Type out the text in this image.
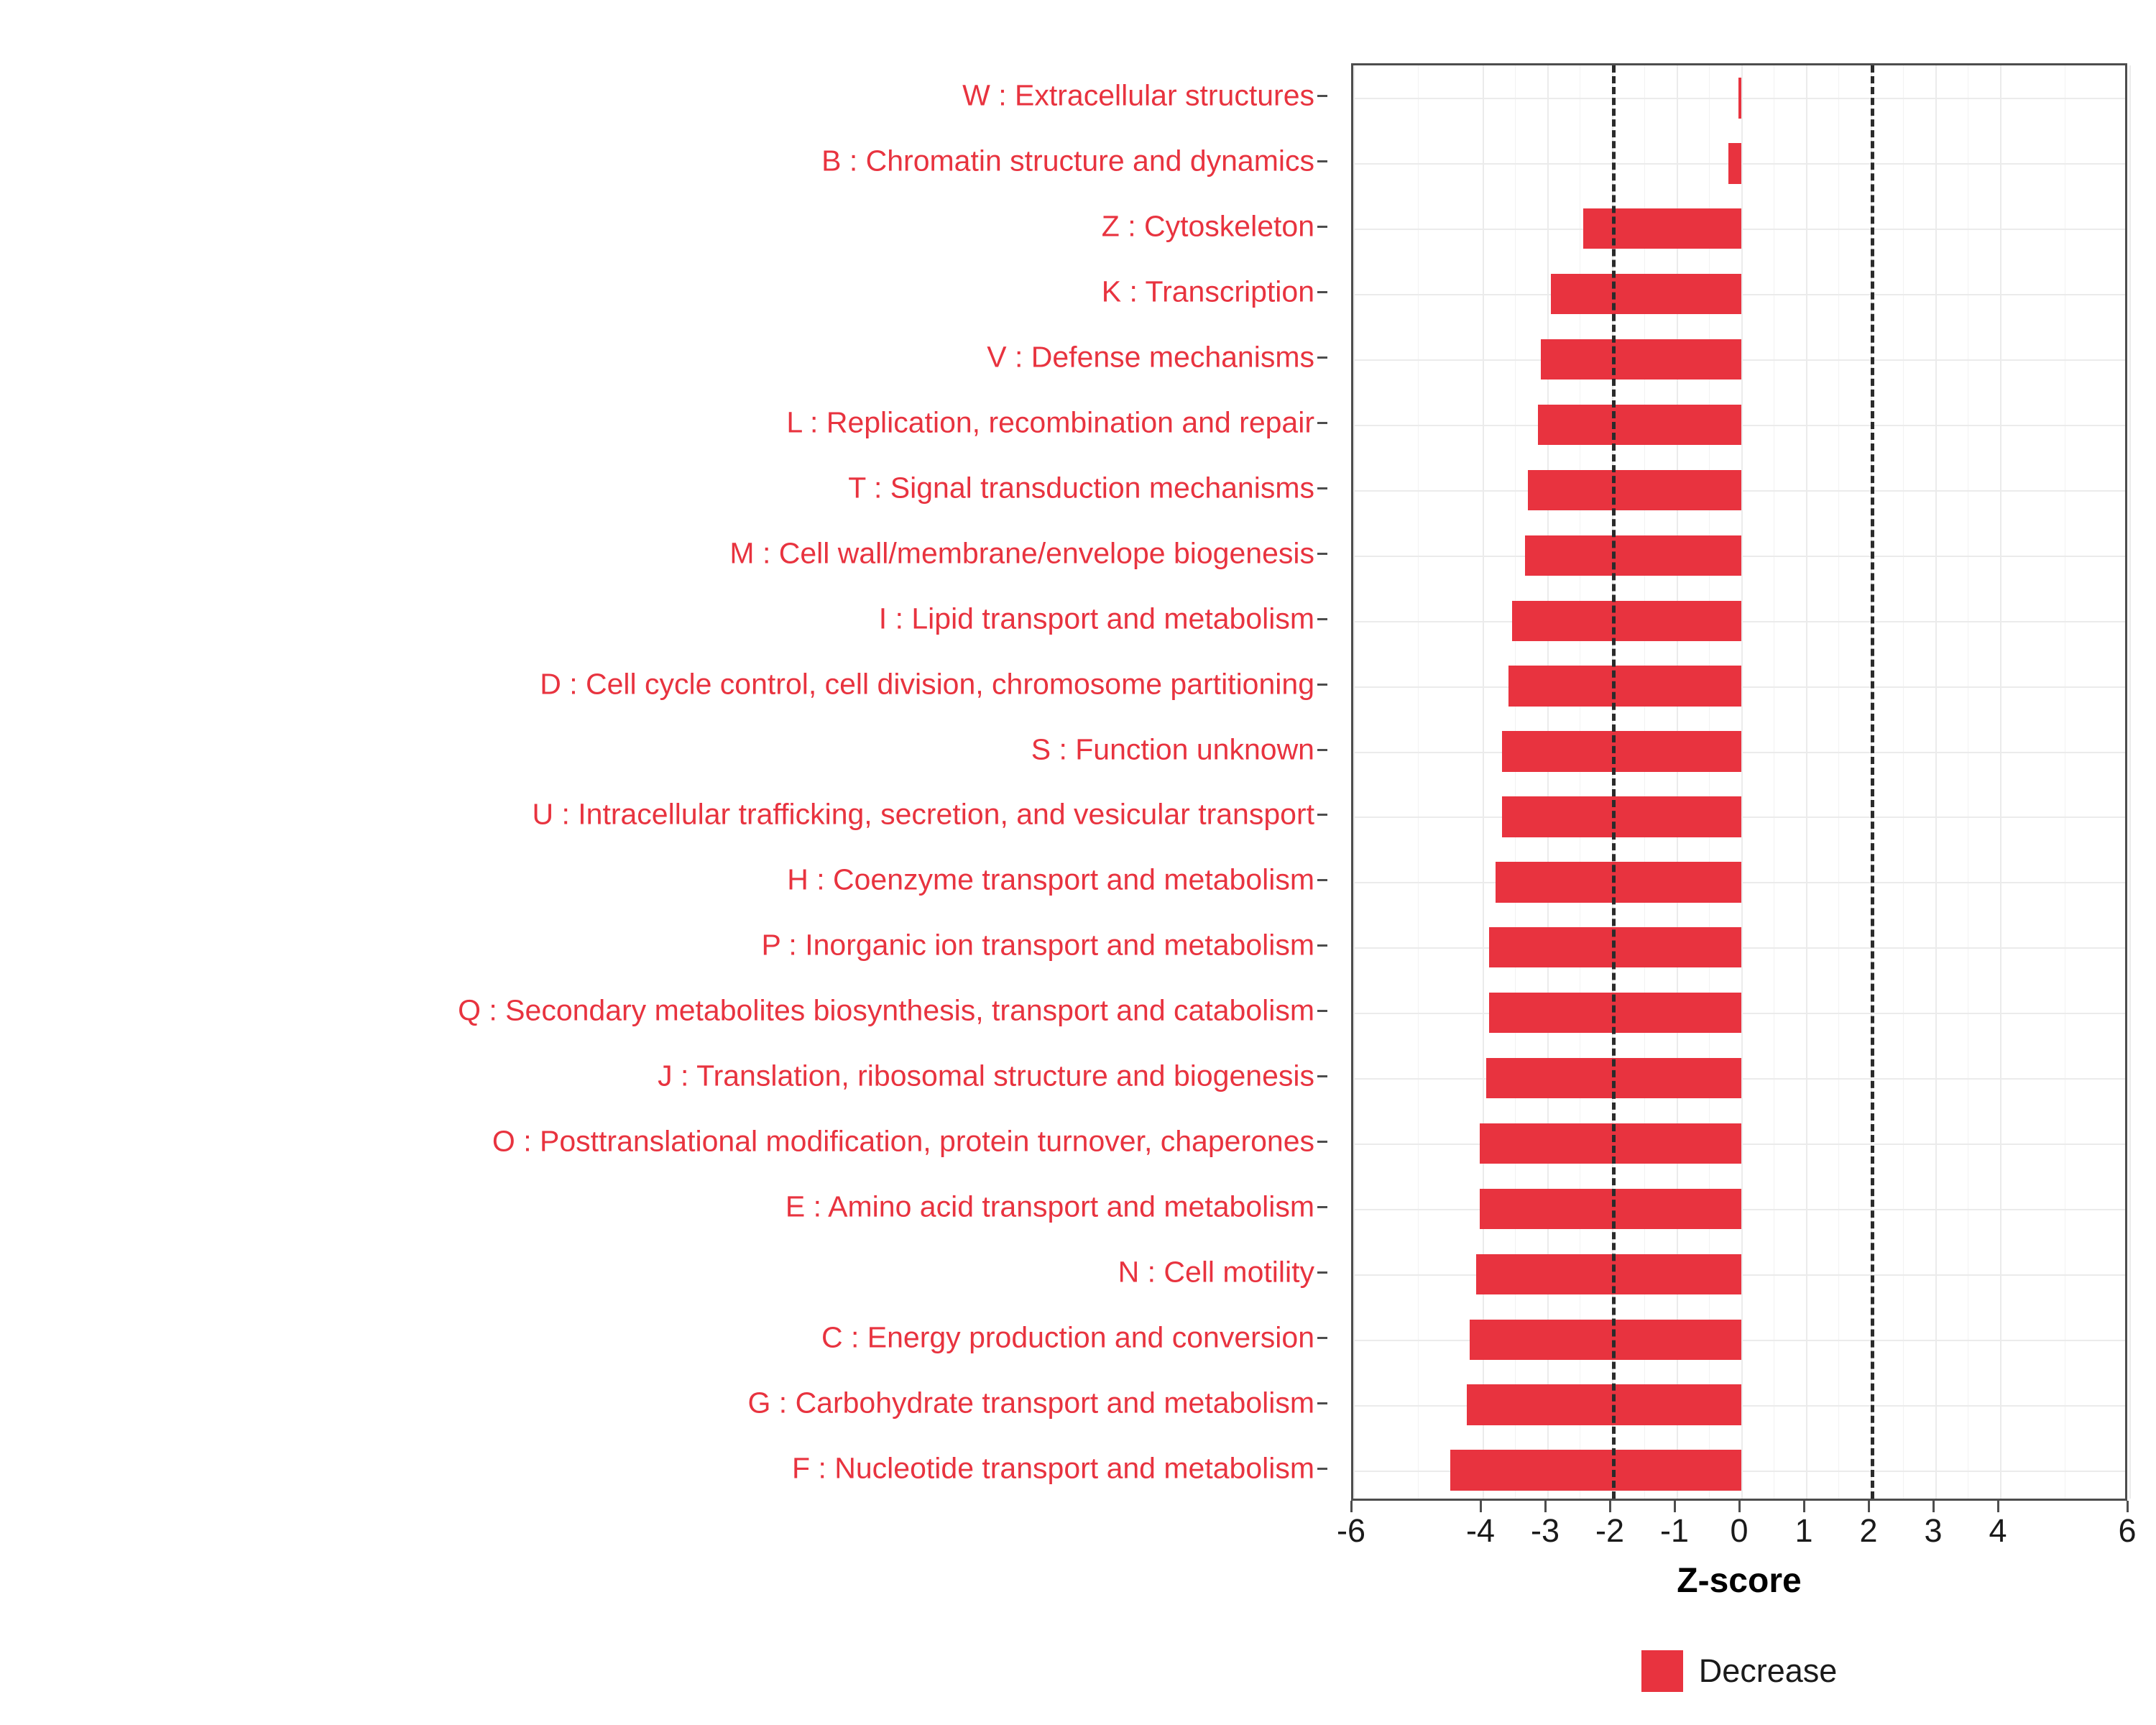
W : Extracellular structures
B : Chromatin structure and dynamics
Z : Cytoskeleton
K : Transcription
V : Defense mechanisms
L : Replication, recombination and repair
T : Signal transduction mechanisms
M : Cell wall/membrane/envelope biogenesis
I : Lipid transport and metabolism
D : Cell cycle control, cell division, chromosome partitioning
S : Function unknown
U : Intracellular trafficking, secretion, and vesicular transport
H : Coenzyme transport and metabolism
P : Inorganic ion transport and metabolism
Q : Secondary metabolites biosynthesis, transport and catabolism
J : Translation, ribosomal structure and biogenesis
O : Posttranslational modification, protein turnover, chaperones
E : Amino acid transport and metabolism
N : Cell motility
C : Energy production and conversion
G : Carbohydrate transport and metabolism
F : Nucleotide transport and metabolism
-6	-4 -3 -2 -1 0 1 2 3 4	6
Z-score
Decrease
